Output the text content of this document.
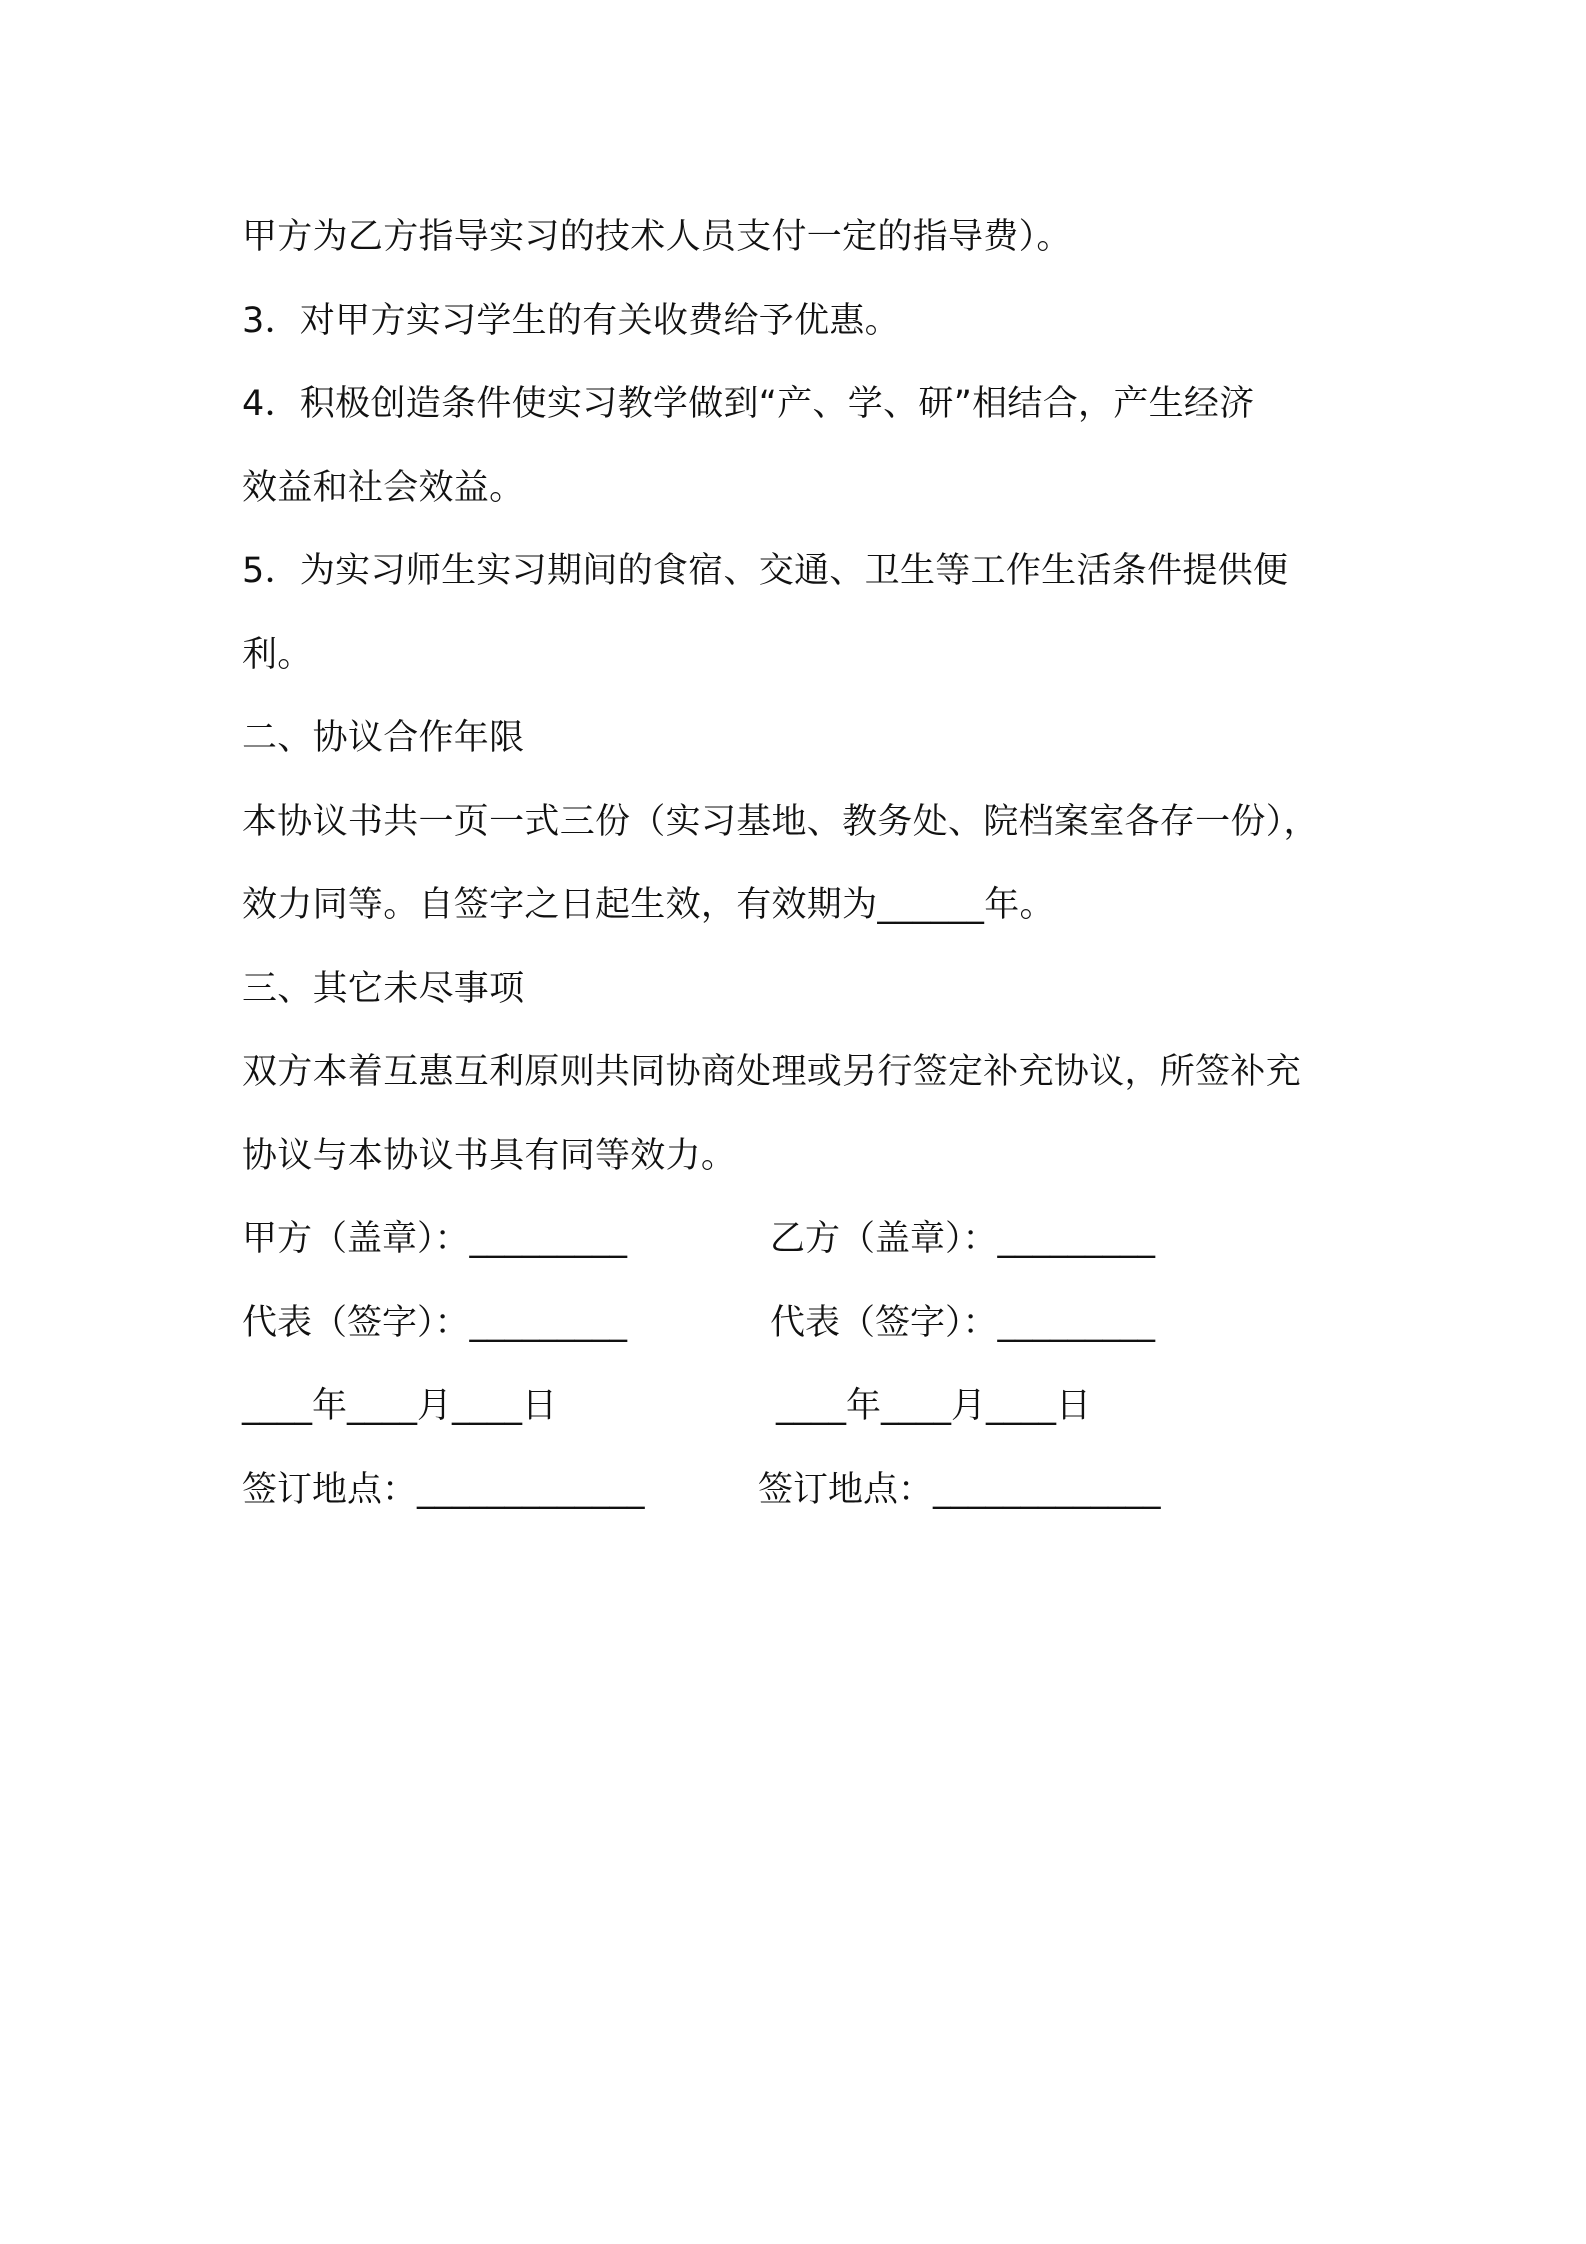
甲方为乙方指导实习的技术人员支付一定的指导费）。

3．对甲方实习学生的有关收费给予优惠。

4．积极创造条件使实习教学做到“产、学、研”相结合，产生经济

效益和社会效益。

5．为实习师生实习期间的食宿、交通、卫生等工作生活条件提供便

利。

二、协议合作年限

本协议书共一页一式三份（实习基地、教务处、院档案室各存一份），

效力同等。自签字之日起生效，有效期为______年。

三、其它未尽事项

双方本着互惠互利原则共同协商处理或另行签定补充协议，所签补充

协议与本协议书具有同等效力。

甲方（盖章）：_________	乙方（盖章）：_________
代表（签字）：_________	代表（签字）：_________
____年____月____日	____年____月____日
签订地点：_____________	签订地点：_____________
